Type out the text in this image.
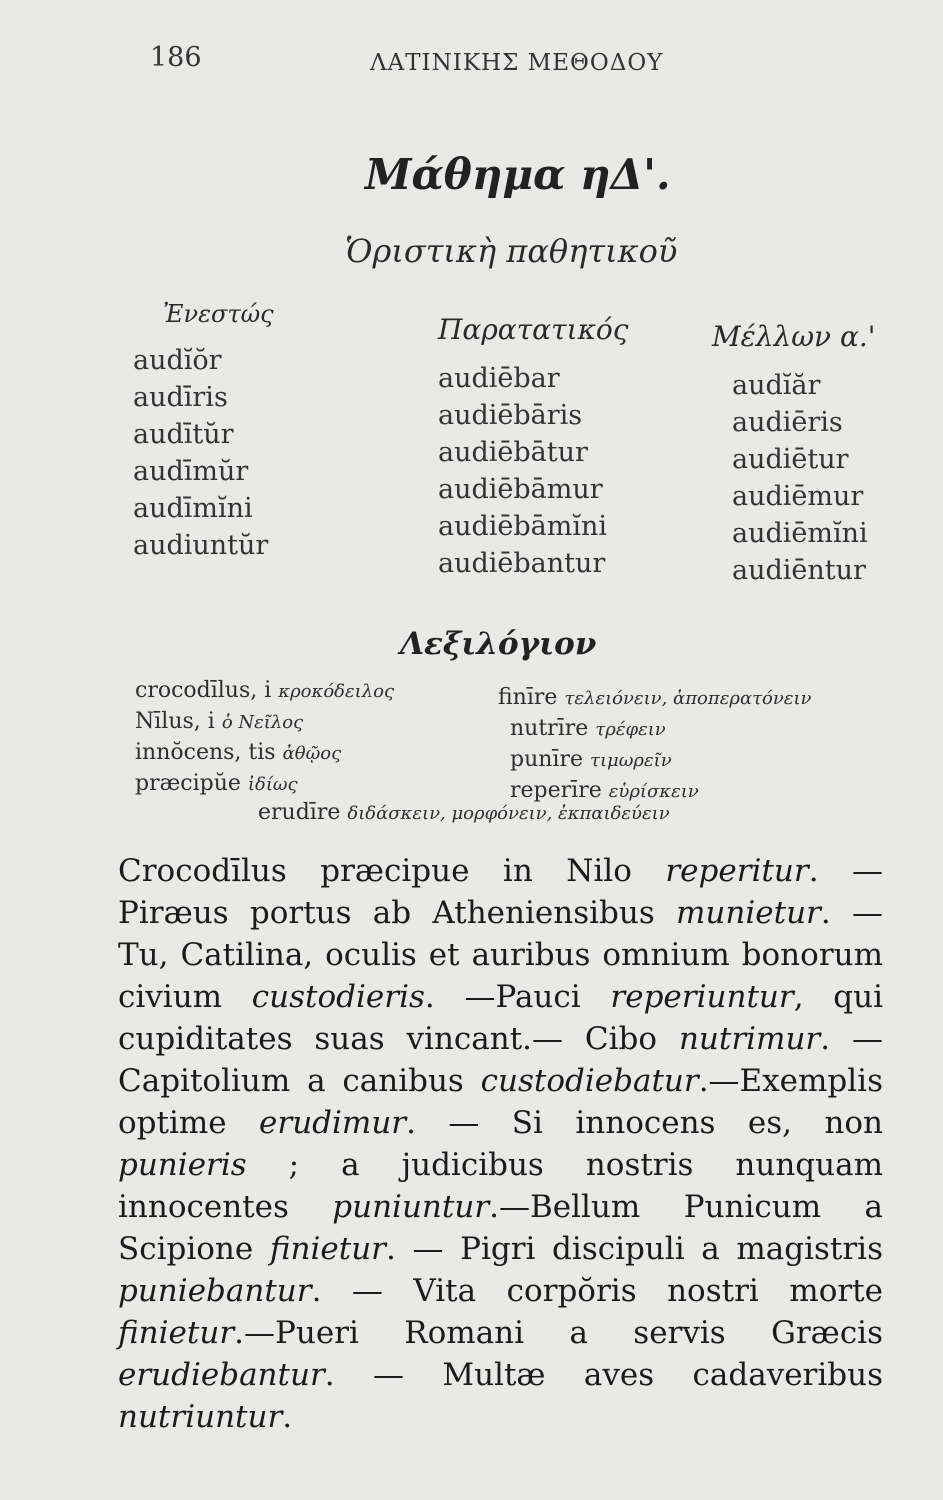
186	ΛΑΤΙΝΙΚΗΣ ΜΕΘΟΔΟΥ
Μάθημα ηΔ'.
Ὁριστικὴ παθητικοῦ
Ἐνεστώς
audĭŏr
audīris
audītŭr
audīmŭr
audīmĭni
audiuntŭr
Παρατατικός
audiēbar
audiēbāris
audiēbātur
audiēbāmur
audiēbāmĭni
audiēbantur
Μέλλων α.'
audĭăr
audiēris
audiētur
audiēmur
audiēmĭni
audiēntur
Λεξιλόγιον
crocodīlus, i κροκόδειλος
Nīlus, i ὁ Νεῖλος
innŏcens, tis ἀθῷος
præcipŭe ἰδίως
finīre τελειόνειν, ἀποπερατόνειν
nutrīre τρέφειν
punīre τιμωρεῖν
reperīre εὑρίσκειν
erudīre διδάσκειν, μορφόνειν, ἐκπαιδεύειν

Crocodīlus præcipue in Nilo reperitur. — Piræus portus ab Atheniensibus munietur. — Tu, Catilina, oculis et auribus omnium bonorum civium custodieris. —Pauci reperiuntur, qui cupiditates suas vincant.— Cibo nutrimur. —Capitolium a canibus custodiebatur.—Exemplis optime erudimur. — Si innocens es, non punieris ; a judicibus nostris nunquam innocentes puniuntur.—Bellum Punicum a Scipione finietur. — Pigri discipuli a magistris puniebantur. — Vita corpŏris nostri morte finietur.—Pueri Romani a servis Græcis erudiebantur. — Multæ aves cadaveribus nutriuntur.
